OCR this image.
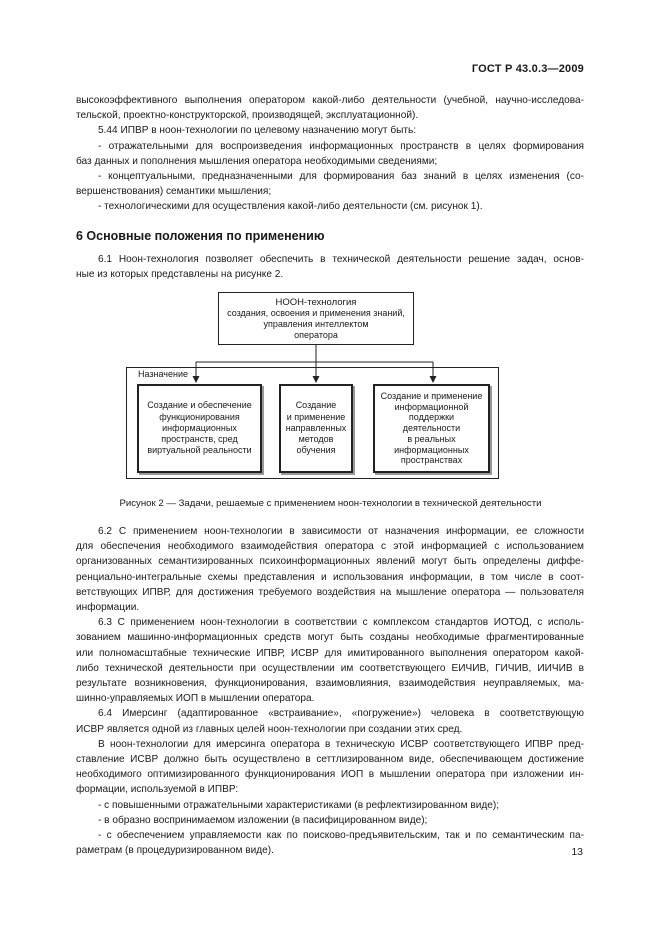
ГОСТ Р 43.0.3—2009

высокоэффективного выполнения оператором какой-либо деятельности (учебной, научно-исследова-

тельской, проектно-конструкторской, производящей, эксплуатационной).

5.44 ИПВР в ноон-технологии по целевому назначению могут быть:

- отражательными для воспроизведения информационных пространств в целях формирования

баз данных и пополнения мышления оператора необходимыми сведениями;

- концептуальными, предназначенными для формирования баз знаний в целях изменения (со-

вершенствования) семантики мышления;

- технологическими для осуществления какой-либо деятельности (см. рисунок 1).

6 Основные положения по применению

6.1 Ноон-технология позволяет обеспечить в технической деятельности решение задач, основ-

ные из которых представлены на рисунке 2.

НООН-технология
создания, освоения и применения знаний,
управления интеллектом
оператора
Назначение
Создание и обеспечение
функционирования
информационных
пространств, сред
виртуальной реальности
Создание
и применение
направленных
методов
обучения
Создание и применение
информационной
поддержки
деятельности
в реальных
информационных
пространствах
Рисунок 2 — Задачи, решаемые с применением ноон-технологии в технической деятельности

6.2 С применением ноон-технологии в зависимости от назначения информации, ее сложности

для обеспечения необходимого взаимодействия оператора с этой информацией с использованием

организованных семантизированных психоинформационных явлений могут быть определены диффе-

ренциально-интегральные схемы представления и использования информации, в том числе в соот-

ветствующих ИПВР, для достижения требуемого воздействия на мышление оператора — пользователя

информации.

6.3 С применением ноон-технологии в соответствии с комплексом стандартов ИОТОД, с исполь-

зованием машинно-информационных средств могут быть созданы необходимые фрагментированные

или полномасштабные технические ИПВР, ИСВР для имитированного выполнения оператором какой-

либо технической деятельности при осуществлении им соответствующего ЕИЧИВ, ГИЧИВ, ИИЧИВ в

результате возникновения, функционирования, взаимовлияния, взаимодействия неуправляемых, ма-

шинно-управляемых ИОП в мышлении оператора.

6.4 Имерсинг (адаптированное «встраивание», «погружение») человека в соответствующую

ИСВР является одной из главных целей ноон-технологии при создании этих сред.

В ноон-технологии для имерсинга оператора в техническую ИСВР соответствующего ИПВР пред-

ставление ИСВР должно быть осуществлено в сеттлизированном виде, обеспечивающем достижение

необходимого оптимизированного функционирования ИОП в мышлении оператора при изложении ин-

формации, используемой в ИПВР:

- с повышенными отражательными характеристиками (в рефлектизированном виде);

- в образно воспринимаемом изложении (в пасифицированном виде);

- с обеспечением управляемости как по поисково-предъявительским, так и по семантическим па-

раметрам (в процедуризированном виде).	13
